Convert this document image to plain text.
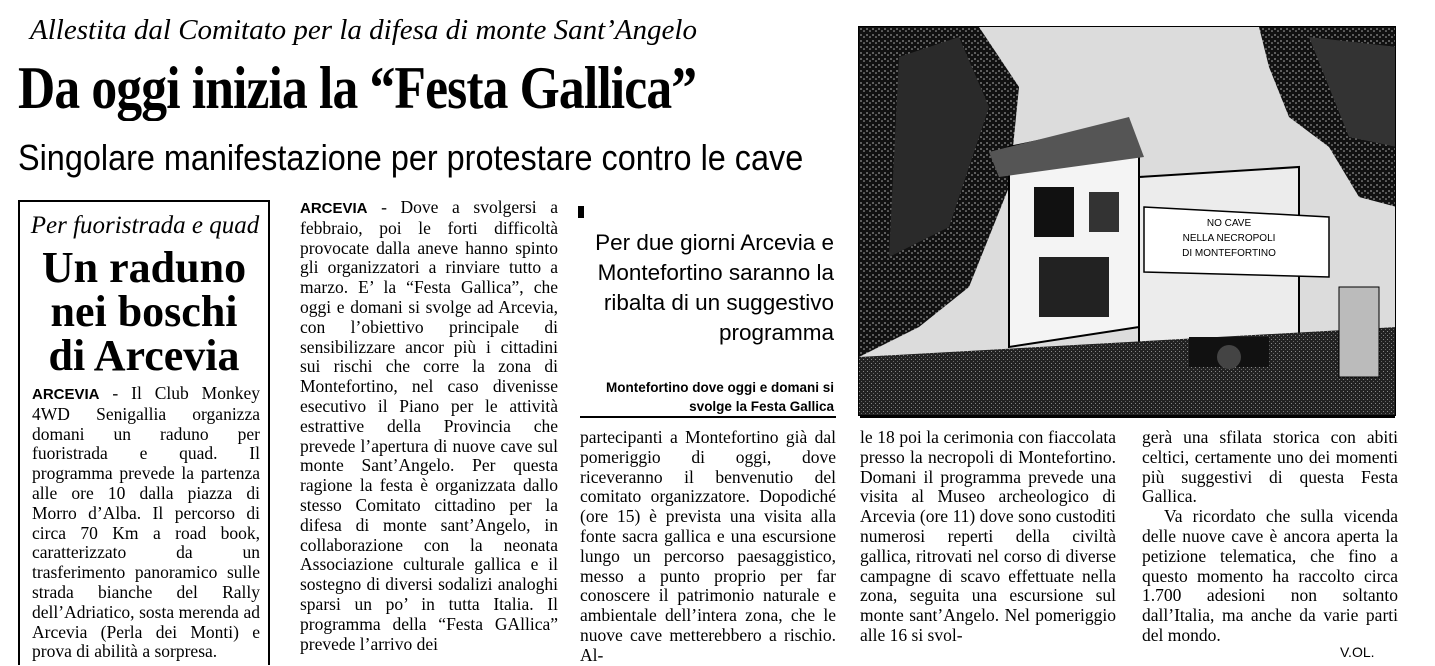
Allestita dal Comitato per la difesa di monte Sant’Angelo
Da oggi inizia la “Festa Gallica”
Singolare manifestazione per protestare contro le cave
Per fuoristrada e quad
Un raduno
nei boschi
di Arcevia
ARCEVIA - Il Club Monkey 4WD Senigallia organizza domani un raduno per fuoristrada e quad. Il programma prevede la partenza alle ore 10 dalla piazza di Morro d’Alba. Il percorso di circa 70 Km a road book, caratterizzato da un trasferimento panoramico sulle strada bianche del Rally dell’Adriatico, sosta merenda ad Arcevia (Perla dei Monti) e prova di abilità a sorpresa.
ARCEVIA - Dove a svolgersi a febbraio, poi le forti difficoltà provocate dalla aneve hanno spinto gli organizzatori a rinviare tutto a marzo. E’ la “Festa Gallica”, che oggi e domani si svolge ad Arcevia, con l’obiettivo principale di sensibilizzare ancor più i cittadini sui rischi che corre la zona di Montefortino, nel caso divenisse esecutivo il Piano per le attività estrattive della Provincia che prevede l’apertura di nuove cave sul monte Sant’Angelo. Per questa ragione la festa è organizzata dallo stesso Comitato cittadino per la difesa di monte sant’Angelo, in collaborazione con la neonata Associazione culturale gallica e il sostegno di diversi sodalizi analoghi sparsi un po’ in tutta Italia. Il programma della “Festa GAllica” prevede l’arrivo dei
Per due giorni Arcevia e Montefortino saranno la ribalta di un suggestivo programma
Montefortino dove oggi e domani si svolge la Festa Gallica
partecipanti a Montefortino già dal pomeriggio di oggi, dove riceveranno il benvenutio del comitato organizzatore. Dopodiché (ore 15) è prevista una visita alla fonte sacra gallica e una escursione lungo un percorso paesaggistico, messo a punto proprio per far conoscere il patrimonio naturale e ambientale dell’intera zona, che le nuove cave metterebbero a rischio. Al-
le 18 poi la cerimonia con fiaccolata presso la necropoli di Montefortino. Domani il programma prevede una visita al Museo archeologico di Arcevia (ore 11) dove sono custoditi numerosi reperti della civiltà gallica, ritrovati nel corso di diverse campagne di scavo effettuate nella zona, seguita una escursione sul monte sant’Angelo. Nel pomeriggio alle 16 si svol-
gerà una sfilata storica con abiti celtici, certamente uno dei momenti più suggestivi di questa Festa Gallica.
Va ricordato che sulla vicenda delle nuove cave è ancora aperta la petizione telematica, che fino a questo momento ha raccolto circa 1.700 adesioni non soltanto dall’Italia, ma anche da varie parti del mondo.
V.OL.
NO CAVE
NELLA NECROPOLI
DI MONTEFORTINO
